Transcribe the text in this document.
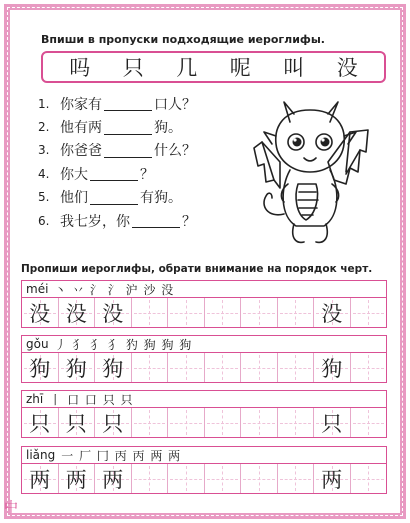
Впиши в пропуски подходящие иероглифы.
吗 只 几 呢 叫 没
1. 你家有	口人？
2. 他有两	狗。
3. 你爸爸	什么？
4. 你大	？
5. 他们	有狗。
6. 我七岁，你	？
Пропиши иероглифы, обрати внимание на порядок черт.
méi 丶 丷 氵 氵 沪 沙 没
没 没 没	没
gǒu 丿 犭 犭 犭 犳 狗 狗 狗
狗 狗 狗	狗
zhī 丨 口 口 只 只
只 只 只	只
liǎng 一 厂 冂 丙 丙 两 两
两 两 两	两
中
